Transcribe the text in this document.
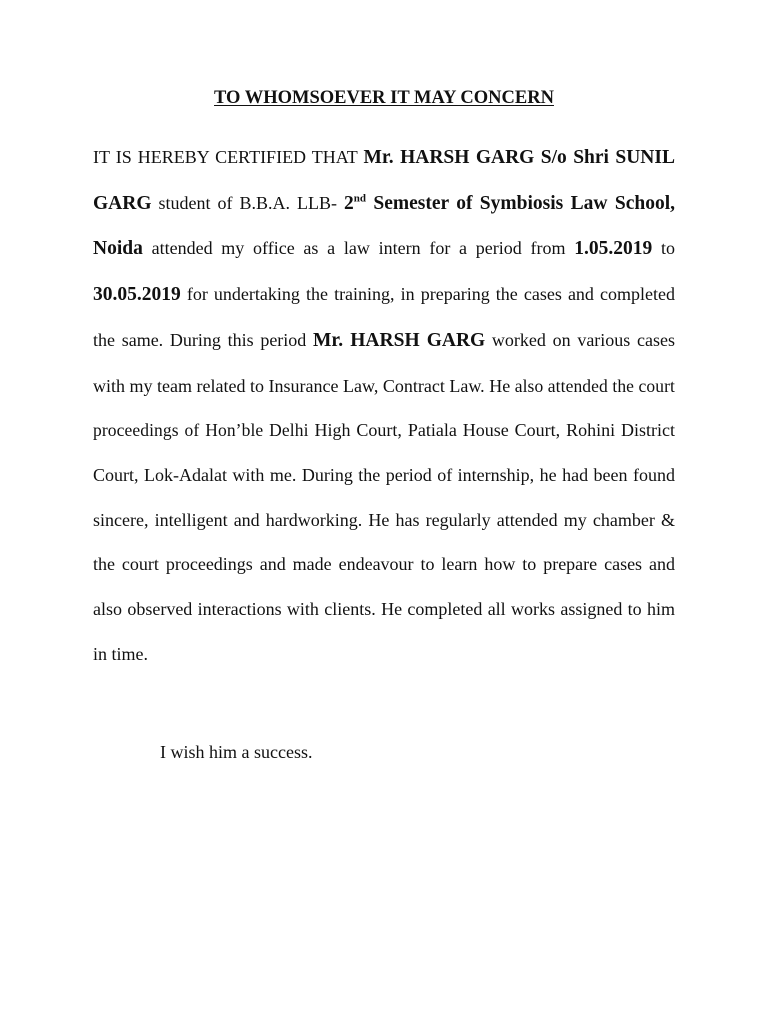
TO WHOMSOEVER IT MAY CONCERN

IT IS HEREBY CERTIFIED THAT Mr. HARSH GARG S/o Shri SUNIL GARG student of B.B.A. LLB- 2nd Semester of Symbiosis Law School, Noida attended my office as a law intern for a period from 1.05.2019 to 30.05.2019 for undertaking the training, in preparing the cases and completed the same. During this period Mr. HARSH GARG worked on various cases with my team related to Insurance Law, Contract Law. He also attended the court proceedings of Hon’ble Delhi High Court, Patiala House Court, Rohini District Court, Lok-Adalat with me. During the period of internship, he had been found sincere, intelligent and hardworking. He has regularly attended my chamber & the court proceedings and made endeavour to learn how to prepare cases and also observed interactions with clients. He completed all works assigned to him in time.

I wish him a success.
